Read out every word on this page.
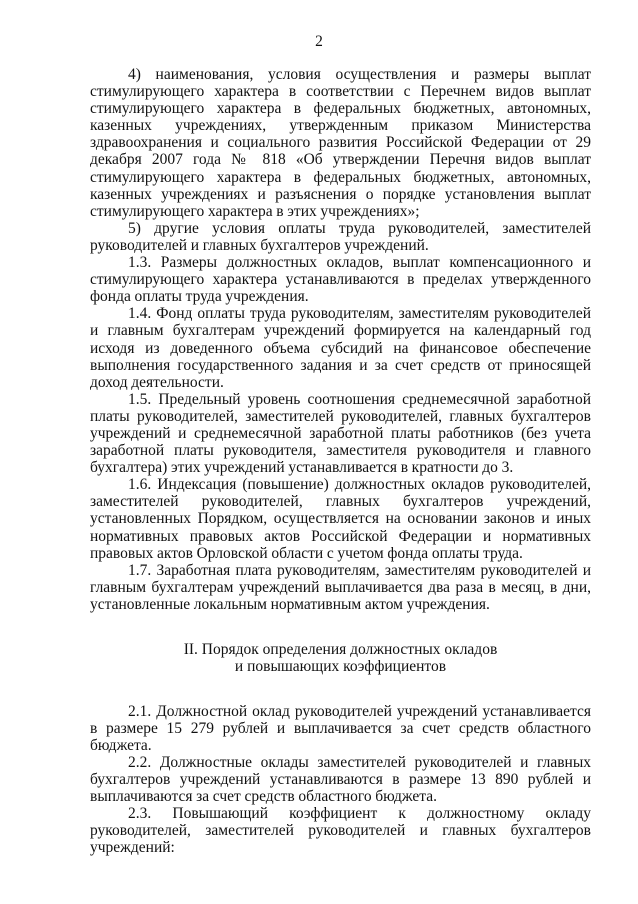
2

4) наименования, условия осуществления и размеры выплат стимулирующего характера в соответствии с Перечнем видов выплат стимулирующего характера в федеральных бюджетных, автономных, казенных учреждениях, утвержденным приказом Министерства здравоохранения и социального развития Российской Федерации от 29 декабря 2007 года № 818 «Об утверждении Перечня видов выплат стимулирующего характера в федеральных бюджетных, автономных, казенных учреждениях и разъяснения о порядке установления выплат стимулирующего характера в этих учреждениях»;

5) другие условия оплаты труда руководителей, заместителей руководителей и главных бухгалтеров учреждений.

1.3. Размеры должностных окладов, выплат компенсационного и стимулирующего характера устанавливаются в пределах утвержденного фонда оплаты труда учреждения.

1.4. Фонд оплаты труда руководителям, заместителям руководителей и главным бухгалтерам учреждений формируется на календарный год исходя из доведенного объема субсидий на финансовое обеспечение выполнения государственного задания и за счет средств от приносящей доход деятельности.

1.5. Предельный уровень соотношения среднемесячной заработной платы руководителей, заместителей руководителей, главных бухгалтеров учреждений и среднемесячной заработной платы работников (без учета заработной платы руководителя, заместителя руководителя и главного бухгалтера) этих учреждений устанавливается в кратности до 3.

1.6. Индексация (повышение) должностных окладов руководителей, заместителей руководителей, главных бухгалтеров учреждений, установленных Порядком, осуществляется на основании законов и иных нормативных правовых актов Российской Федерации и нормативных правовых актов Орловской области с учетом фонда оплаты труда.

1.7. Заработная плата руководителям, заместителям руководителей и главным бухгалтерам учреждений выплачивается два раза в месяц, в дни, установленные локальным нормативным актом учреждения.

II. Порядок определения должностных окладов
и повышающих коэффициентов

2.1. Должностной оклад руководителей учреждений устанавливается в размере 15 279 рублей и выплачивается за счет средств областного бюджета.

2.2. Должностные оклады заместителей руководителей и главных бухгалтеров учреждений устанавливаются в размере 13 890 рублей и выплачиваются за счет средств областного бюджета.

2.3. Повышающий коэффициент к должностному окладу руководителей, заместителей руководителей и главных бухгалтеров учреждений:
